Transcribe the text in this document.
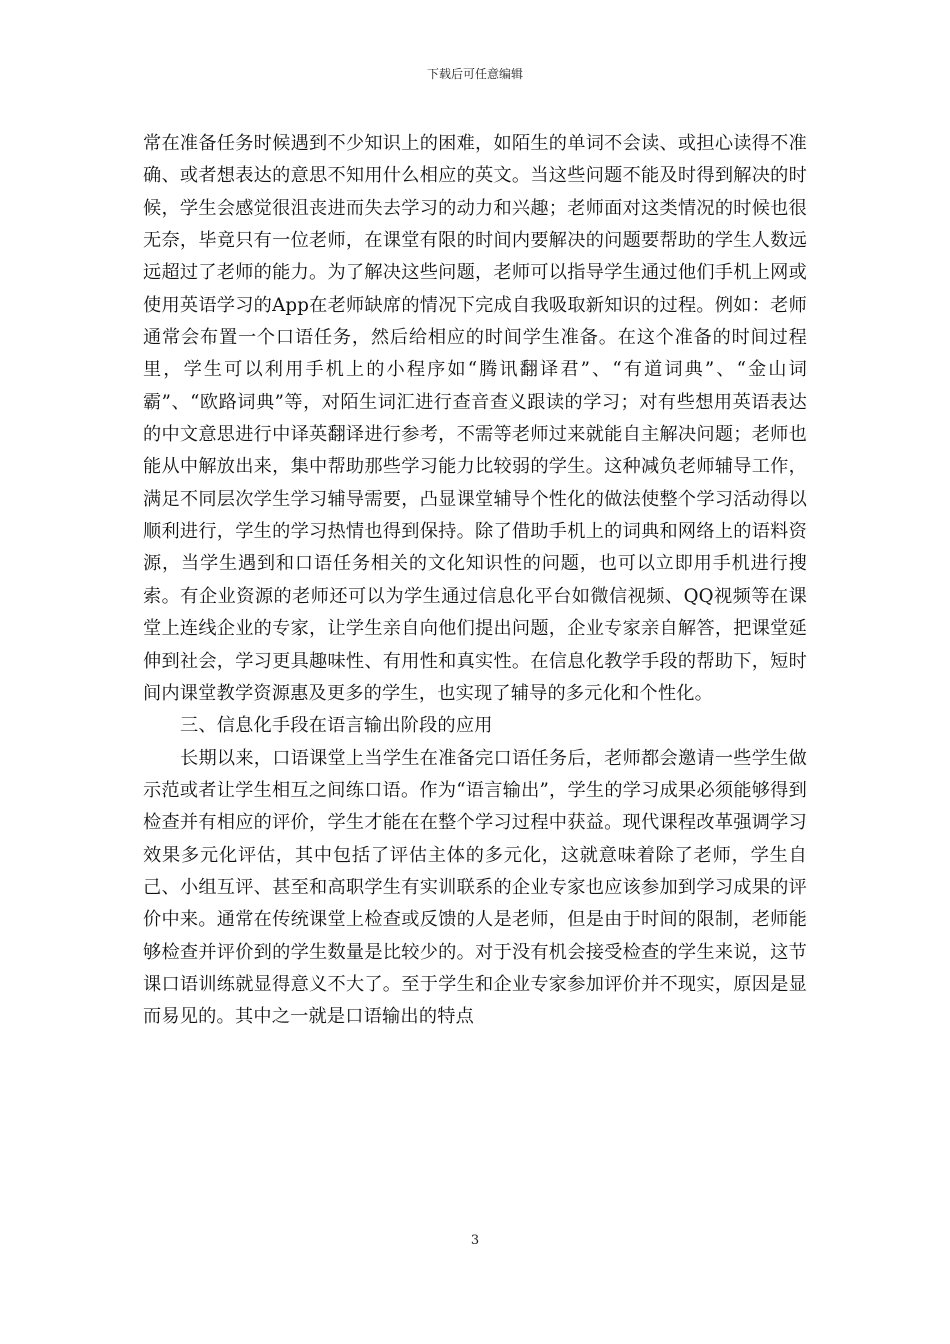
下载后可任意编辑

常在准备任务时候遇到不少知识上的困难，如陌生的单词不会读、或担心读得不准确、或者想表达的意思不知用什么相应的英文。当这些问题不能及时得到解决的时候，学生会感觉很沮丧进而失去学习的动力和兴趣；老师面对这类情况的时候也很无奈，毕竟只有一位老师，在课堂有限的时间内要解决的问题要帮助的学生人数远远超过了老师的能力。为了解决这些问题，老师可以指导学生通过他们手机上网或使用英语学习的App在老师缺席的情况下完成自我吸取新知识的过程。例如：老师通常会布置一个口语任务，然后给相应的时间学生准备。在这个准备的时间过程里，学生可以利用手机上的小程序如“腾讯翻译君”、“有道词典”、“金山词霸”、“欧路词典”等，对陌生词汇进行查音查义跟读的学习；对有些想用英语表达的中文意思进行中译英翻译进行参考，不需等老师过来就能自主解决问题；老师也能从中解放出来，集中帮助那些学习能力比较弱的学生。这种减负老师辅导工作，满足不同层次学生学习辅导需要，凸显课堂辅导个性化的做法使整个学习活动得以顺利进行，学生的学习热情也得到保持。除了借助手机上的词典和网络上的语料资源，当学生遇到和口语任务相关的文化知识性的问题，也可以立即用手机进行搜索。有企业资源的老师还可以为学生通过信息化平台如微信视频、QQ视频等在课堂上连线企业的专家，让学生亲自向他们提出问题，企业专家亲自解答，把课堂延伸到社会，学习更具趣味性、有用性和真实性。在信息化教学手段的帮助下，短时间内课堂教学资源惠及更多的学生，也实现了辅导的多元化和个性化。

三、信息化手段在语言输出阶段的应用

长期以来，口语课堂上当学生在准备完口语任务后，老师都会邀请一些学生做示范或者让学生相互之间练口语。作为“语言输出”，学生的学习成果必须能够得到检查并有相应的评价，学生才能在在整个学习过程中获益。现代课程改革强调学习效果多元化评估，其中包括了评估主体的多元化，这就意味着除了老师，学生自己、小组互评、甚至和高职学生有实训联系的企业专家也应该参加到学习成果的评价中来。通常在传统课堂上检查或反馈的人是老师，但是由于时间的限制，老师能够检查并评价到的学生数量是比较少的。对于没有机会接受检查的学生来说，这节课口语训练就显得意义不大了。至于学生和企业专家参加评价并不现实，原因是显而易见的。其中之一就是口语输出的特点

3
